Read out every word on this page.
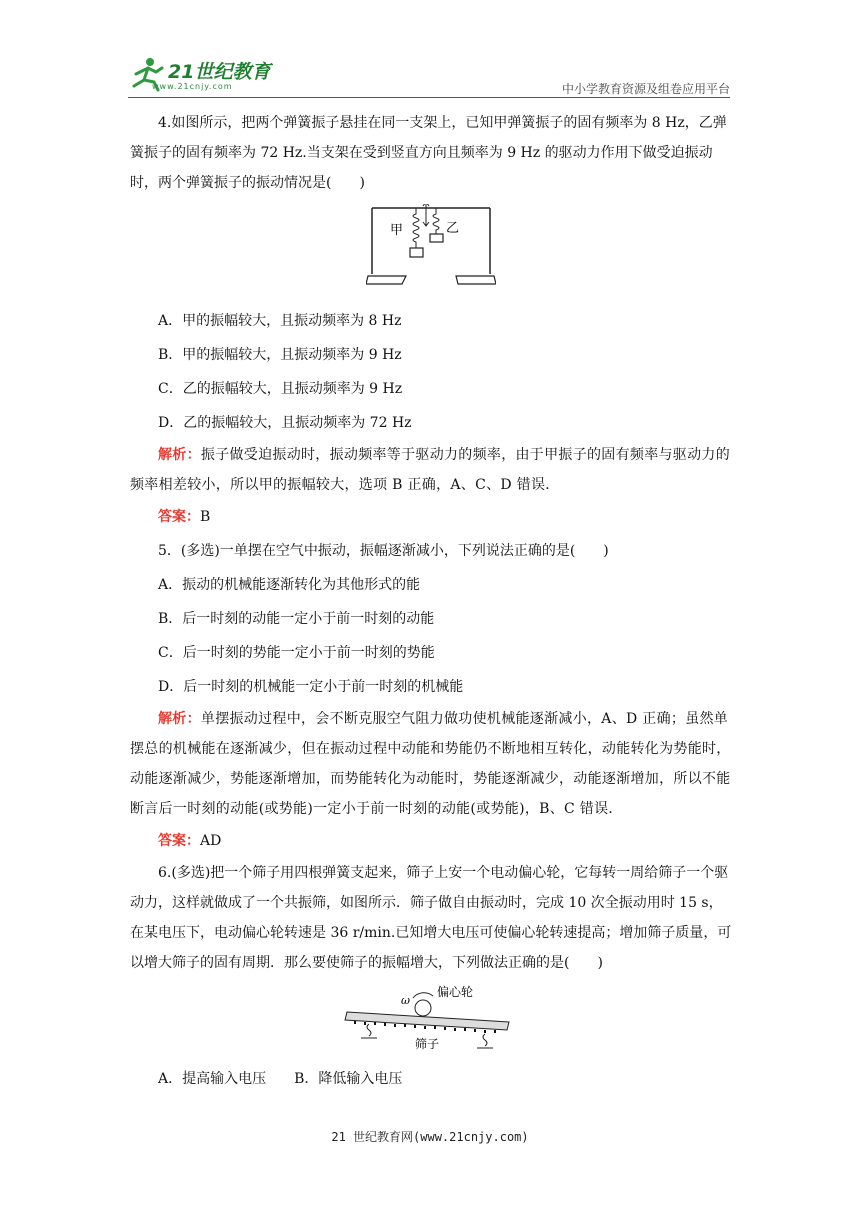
21世纪教育
www.21cnjy.com	中小学教育资源及组卷应用平台

4.如图所示，把两个弹簧振子悬挂在同一支架上，已知甲弹簧振子的固有频率为 8 Hz，乙弹簧振子的固有频率为 72 Hz.当支架在受到竖直方向且频率为 9 Hz 的驱动力作用下做受迫振动时，两个弹簧振子的振动情况是(　　)

甲	乙

A．甲的振幅较大，且振动频率为 8 Hz

B．甲的振幅较大，且振动频率为 9 Hz

C．乙的振幅较大，且振动频率为 9 Hz

D．乙的振幅较大，且振动频率为 72 Hz

解析：振子做受迫振动时，振动频率等于驱动力的频率，由于甲振子的固有频率与驱动力的频率相差较小，所以甲的振幅较大，选项 B 正确，A、C、D 错误．

答案：B

5．(多选)一单摆在空气中振动，振幅逐渐减小，下列说法正确的是(　　)

A．振动的机械能逐渐转化为其他形式的能

B．后一时刻的动能一定小于前一时刻的动能

C．后一时刻的势能一定小于前一时刻的势能

D．后一时刻的机械能一定小于前一时刻的机械能

解析：单摆振动过程中，会不断克服空气阻力做功使机械能逐渐减小，A、D 正确；虽然单摆总的机械能在逐渐减少，但在振动过程中动能和势能仍不断地相互转化，动能转化为势能时，动能逐渐减少，势能逐渐增加，而势能转化为动能时，势能逐渐减少，动能逐渐增加，所以不能断言后一时刻的动能(或势能)一定小于前一时刻的动能(或势能)，B、C 错误．

答案：AD

6.(多选)把一个筛子用四根弹簧支起来，筛子上安一个电动偏心轮，它每转一周给筛子一个驱动力，这样就做成了一个共振筛，如图所示．筛子做自由振动时，完成 10 次全振动用时 15 s，在某电压下，电动偏心轮转速是 36 r/min.已知增大电压可使偏心轮转速提高；增加筛子质量，可以增大筛子的固有周期．那么要使筛子的振幅增大，下列做法正确的是(　　)

ω
偏心轮
筛子

A．提高输入电压　　B．降低输入电压

21 世纪教育网(www.21cnjy.com)
